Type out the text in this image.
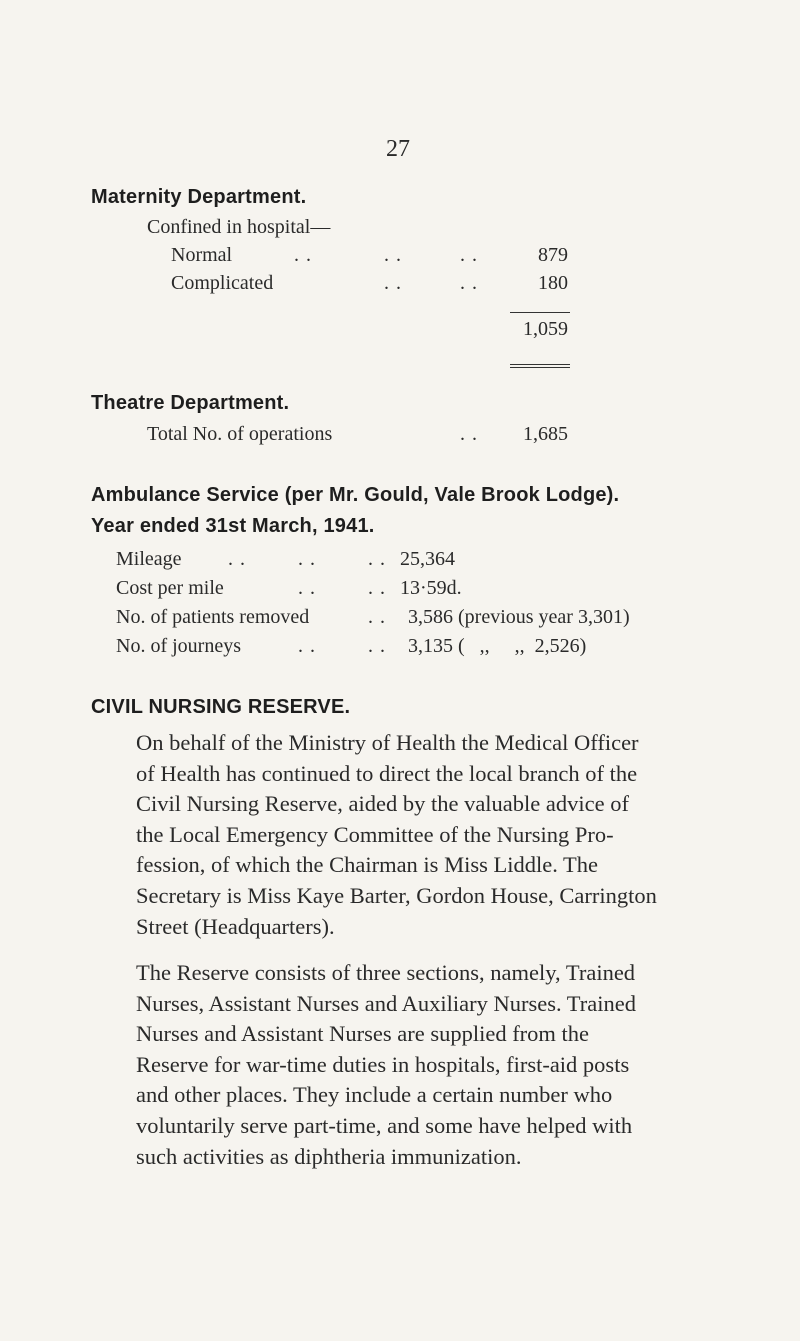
27
Maternity Department.
Confined in hospital—
Normal	. .	. .	. .	879
Complicated	. .	. .	180
1,059
Theatre Department.
Total No. of operations	. .	1,685
Ambulance Service (per Mr. Gould, Vale Brook Lodge).
Year ended 31st March, 1941.
Mileage . .	. .	. . 25,364
Cost per mile	. .	. . 13·59d.
No. of patients removed	. . 3,586 (previous year 3,301)
No. of journeys	. .	. . 3,135 (   ,,     ,,  2,526)
CIVIL NURSING RESERVE.
On behalf of the Ministry of Health the Medical Officer
of Health has continued to direct the local branch of the
Civil Nursing Reserve, aided by the valuable advice of
the Local Emergency Committee of the Nursing Pro-
fession, of which the Chairman is Miss Liddle. The
Secretary is Miss Kaye Barter, Gordon House, Carrington
Street (Headquarters).
The Reserve consists of three sections, namely, Trained
Nurses, Assistant Nurses and Auxiliary Nurses. Trained
Nurses and Assistant Nurses are supplied from the
Reserve for war-time duties in hospitals, first-aid posts
and other places. They include a certain number who
voluntarily serve part-time, and some have helped with
such activities as diphtheria immunization.
